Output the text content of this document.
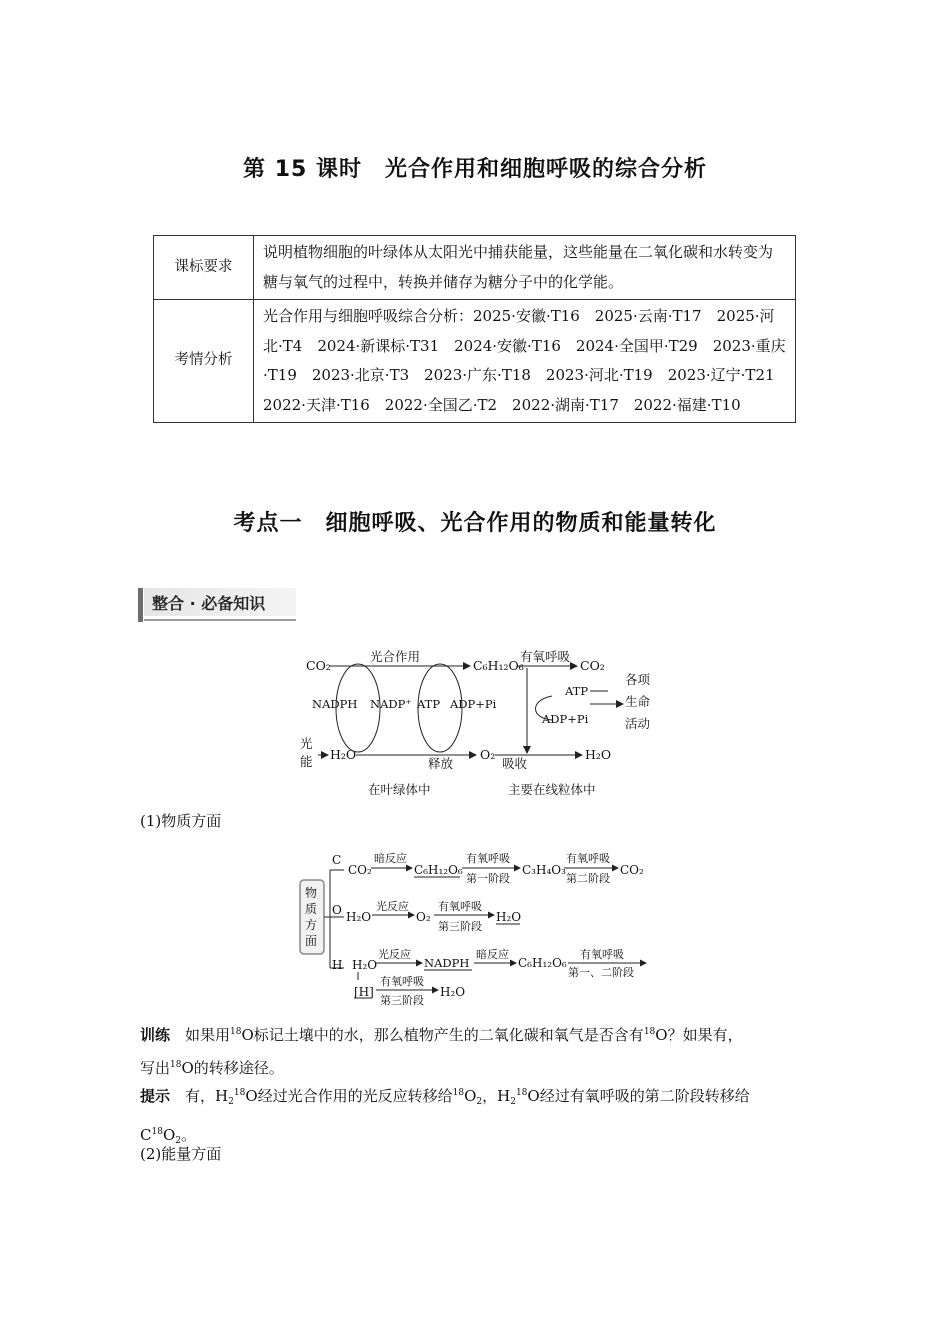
第 15 课时　光合作用和细胞呼吸的综合分析
课标要求	说明植物细胞的叶绿体从太阳光中捕获能量，这些能量在二氧化碳和水转变为糖与氧气的过程中，转换并储存为糖分子中的化学能。
考情分析	光合作用与细胞呼吸综合分析：2025·安徽·T16　2025·云南·T17　2025·河北·T4　2024·新课标·T31　2024·安徽·T16　2024·全国甲·T29　2023·重庆·T19　2023·北京·T3　2023·广东·T18　2023·河北·T19　2023·辽宁·T21　2022·天津·T16　2022·全国乙·T2　2022·湖南·T17　2022·福建·T10
考点一　细胞呼吸、光合作用的物质和能量转化
整合 · 必备知识
CO₂
光合作用
C₆H₁₂O₆
有氧呼吸
CO₂
NADPH NADP⁺ ATP ADP+Pi
ATP
ADP+Pi
各项
生命
活动
光
能 H₂O	O₂	H₂O
释放	吸收
在叶绿体中	主要在线粒体中
(1)物质方面
物
质
方
面
C
CO₂
暗反应
C₆H₁₂O₆
有氧呼吸
第一阶段
C₃H₄O₃
有氧呼吸
第二阶段
CO₂
O H₂O
光反应
O₂
有氧呼吸
第三阶段
H₂O
H H₂O
光反应
NADPH
暗反应
C₆H₁₂O₆
有氧呼吸
第一、二阶段
[H]
有氧呼吸
第三阶段
H₂O
训练　 如果用$^{18}$O标记土壤中的水，那么植物产生的二氧化碳和氧气是否含有$^{18}$O？如果有，
写出$^{18}$O的转移途径。
提示　 有，$H_2^{18}O$经过光合作用的光反应转移给$^{18}O_2$，$H_2^{18}O$经过有氧呼吸的第二阶段转移给
$C^{18}O_2$。
(2)能量方面
